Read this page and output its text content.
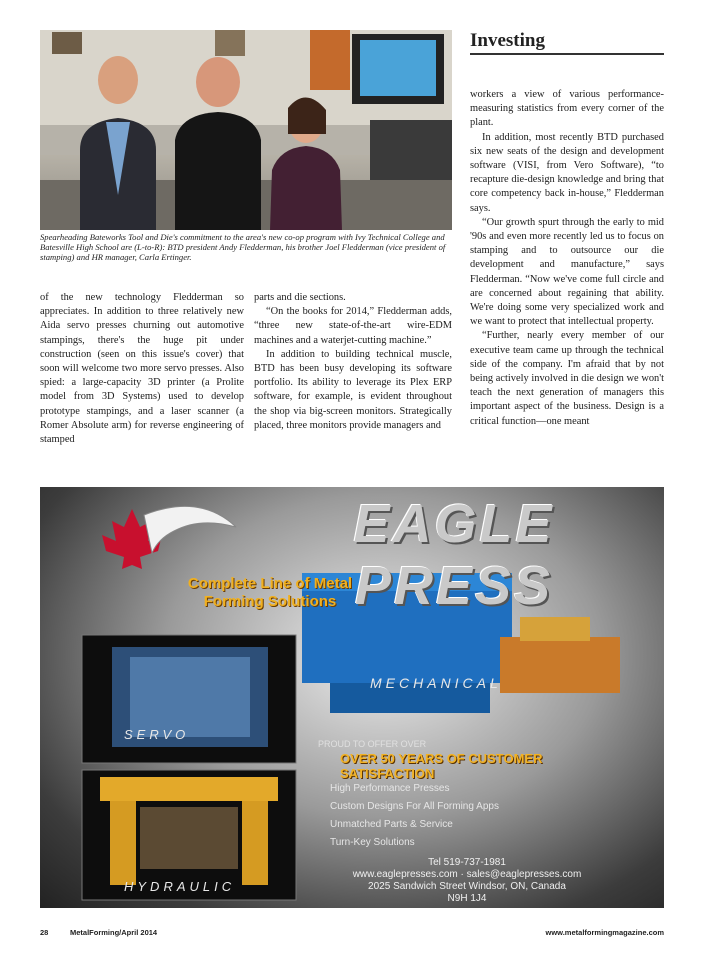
Investing
Spearheading Bateworks Tool and Die's commitment to the area's new co-op program with Ivy Technical College and Batesville High School are (L-to-R): BTD president Andy Fledderman, his brother Joel Fledderman (vice president of stamping) and HR manager, Carla Ertinger.

of the new technology Fledderman so appreciates. In addition to three relatively new Aida servo presses churning out automotive stampings, there's the huge pit under construction (seen on this issue's cover) that soon will welcome two more servo presses. Also spied: a large-capacity 3D printer (a Prolite model from 3D Systems) used to develop prototype stampings, and a laser scanner (a Romer Absolute arm) for reverse engineering of stamped

parts and die sections.

“On the books for 2014,” Fledderman adds, “three new state-of-the-art wire-EDM machines and a waterjet-cutting machine.”

In addition to building technical muscle, BTD has been busy developing its software portfolio. Its ability to leverage its Plex ERP software, for example, is evident throughout the shop via big-screen monitors. Strategically placed, three monitors provide managers and

workers a view of various performance-measuring statistics from every corner of the plant.

In addition, most recently BTD purchased six new seats of the design and development software (VISI, from Vero Software), “to recapture die-design knowledge and bring that core competency back in-house,” Fledderman says.

“Our growth spurt through the early to mid '90s and even more recently led us to focus on stamping and to outsource our die development and manufacture,” says Fledderman. “Now we've come full circle and are concerned about regaining that ability. We're doing some very specialized work and we want to protect that intellectual property.

“Further, nearly every member of our executive team came up through the technical side of the company. I'm afraid that by not being actively involved in die design we won't teach the next generation of managers this important aspect of the business. Design is a critical function—one meant

EAGLE PRESS
Complete Line of Metal Forming Solutions
MECHANICAL
SERVO
HYDRAULIC
PROUD TO OFFER OVER
OVER 50 YEARS OF CUSTOMER SATISFACTION
High Performance Presses
Custom Designs For All Forming Apps
Unmatched Parts & Service
Turn-Key Solutions
Tel 519-737-1981
www.eaglepresses.com · sales@eaglepresses.com
2025 Sandwich Street Windsor, ON, Canada
N9H 1J4
28	MetalForming/April 2014	www.metalformingmagazine.com
